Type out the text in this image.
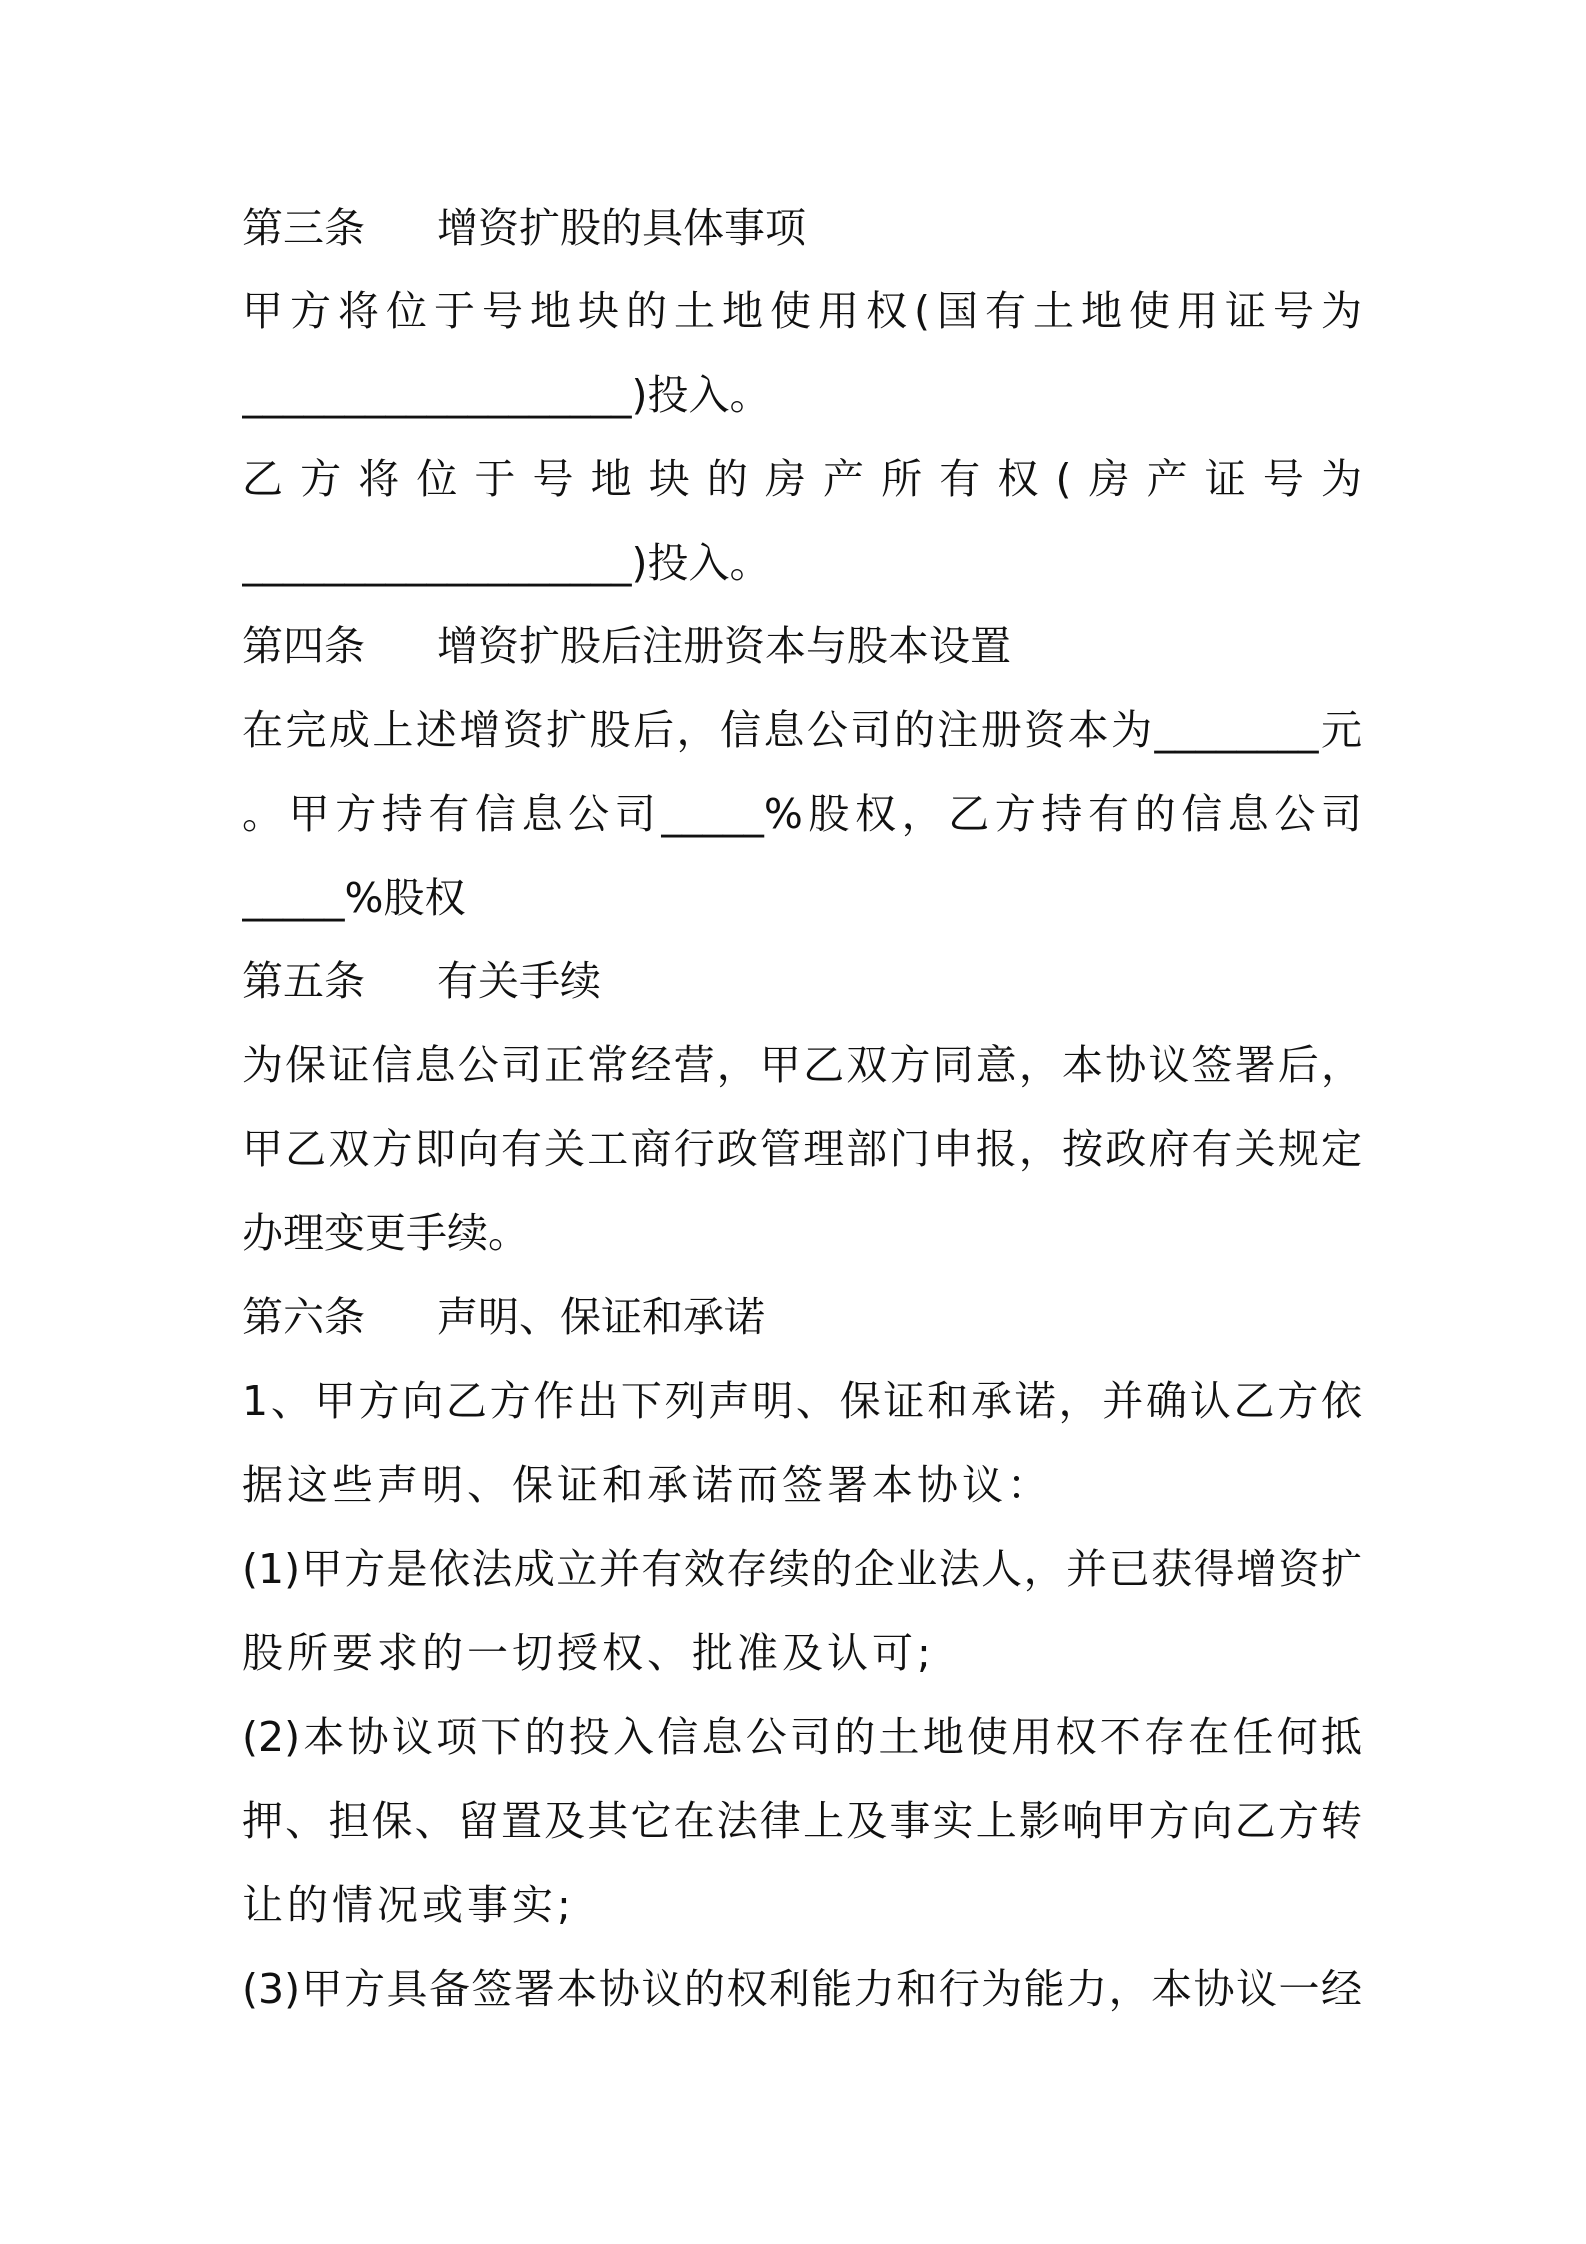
第三条 增资扩股的具体事项
甲方将位于号地块的土地使用权(国有土地使用证号为
___________________)投入。
乙方将位于号地块的房产所有权(房产证号为
___________________)投入。
第四条 增资扩股后注册资本与股本设置
在完成上述增资扩股后，信息公司的注册资本为________元
。甲方持有信息公司_____%股权，乙方持有的信息公司
_____%股权
第五条 有关手续
为保证信息公司正常经营，甲乙双方同意，本协议签署后，
甲乙双方即向有关工商行政管理部门申报，按政府有关规定
办理变更手续。
第六条 声明、保证和承诺
1、甲方向乙方作出下列声明、保证和承诺，并确认乙方依
据这些声明、保证和承诺而签署本协议：
(1)甲方是依法成立并有效存续的企业法人，并已获得增资扩
股所要求的一切授权、批准及认可;
(2)本协议项下的投入信息公司的土地使用权不存在任何抵
押、担保、留置及其它在法律上及事实上影响甲方向乙方转
让的情况或事实;
(3)甲方具备签署本协议的权利能力和行为能力，本协议一经
